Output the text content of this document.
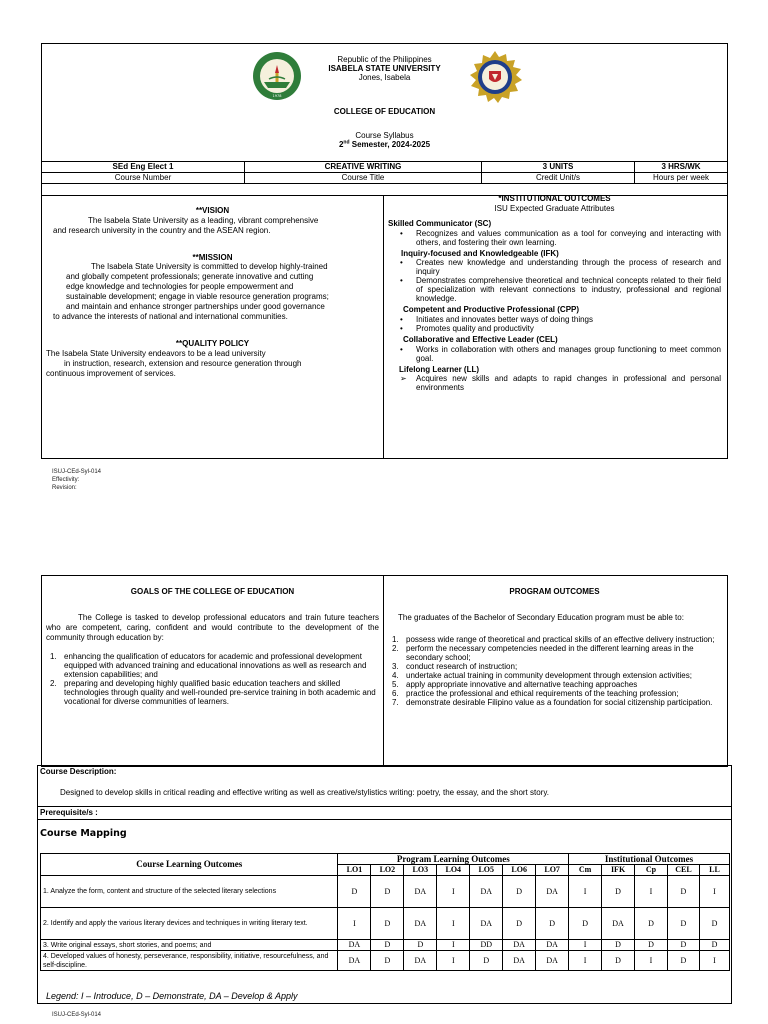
1978
Republic of the Philippines
ISABELA STATE UNIVERSITY
Jones, Isabela
COLLEGE OF EDUCATION
Course Syllabus
2nd Semester, 2024-2025
SEd Eng Elect 1	CREATIVE WRITING	3 UNITS	3 HRS/WK
Course Number	Course Title	Credit Unit/s	Hours per week
**VISION
The Isabela State University as a leading, vibrant comprehensive
and research university in the country and the ASEAN region.
**MISSION
The Isabela State University is committed to develop highly-trained
and globally competent professionals; generate innovative and cutting
edge knowledge and technologies for people empowerment and
sustainable development; engage in viable resource generation programs;
and maintain and enhance stronger partnerships under good governance
to advance the interests of national and international communities.
**QUALITY POLICY
The Isabela State University endeavors to be a lead university
in instruction, research, extension and resource generation through
continuous improvement of services.
*INSTITUTIONAL OUTCOMES
ISU Expected Graduate Attributes
Skilled Communicator (SC)
• Recognizes and values communication as a tool for conveying and interacting with others, and fostering their own learning.
Inquiry-focused and Knowledgeable (IFK)
• Creates new knowledge and understanding through the process of research and inquiry
• Demonstrates comprehensive theoretical and technical concepts related to their field of specialization with relevant connections to industry, professional and regional knowledge.
Competent and Productive Professional (CPP)
• Initiates and innovates better ways of doing things
• Promotes quality and productivity
Collaborative and Effective Leader (CEL)
• Works in collaboration with others and manages group functioning to meet common goal.
Lifelong Learner (LL)
➢ Acquires new skills and adapts to rapid changes in professional and personal environments
ISUJ-CEd-Syl-014
Effectivity:
Revision:
GOALS OF THE COLLEGE OF EDUCATION
The College is tasked to develop professional educators and train future teachers who are competent, caring, confident and would contribute to the development of the community through education by:
1. enhancing the qualification of educators for academic and professional development equipped with advanced training and educational innovations as well as research and extension capabilities; and
2. preparing and developing highly qualified basic education teachers and skilled technologies through quality and well-rounded pre-service training in both academic and vocational for diverse communities of learners.
PROGRAM OUTCOMES
The graduates of the Bachelor of Secondary Education program must be able to:
1. possess wide range of theoretical and practical skills of an effective delivery instruction;
2. perform the necessary competencies needed in the different learning areas in the secondary school;
3. conduct research of instruction;
4. undertake actual training in community development through extension activities;
5. apply appropriate innovative and alternative teaching approaches
6. practice the professional and ethical requirements of the teaching profession;
7. demonstrate desirable Filipino value as a foundation for social citizenship participation.
Course Description:
Designed to develop skills in critical reading and effective writing as well as creative/stylistics writing: poetry, the essay, and the short story.
Prerequisite/s :
Course Mapping
Course Learning Outcomes	Program Learning Outcomes							Institutional Outcomes				
	LO1	LO2	LO3	LO4	LO5	LO6	LO7	Cm	IFK	Cp	CEL	LL
1. Analyze the form, content and structure of the selected literary selections	D	D	DA	I	DA	D	DA	I	D	I	D	I
2. Identify and apply the various literary devices and techniques in writing literary text.	I	D	DA	I	DA	D	D	D	DA	D	D	D
3. Write original essays, short stories, and poems; and	DA	D	D	I	DD	DA	DA	I	D	D	D	D
4. Developed values of honesty, perseverance, responsibility, initiative, resourcefulness, and self-discipline.	DA	D	DA	I	D	DA	DA	I	D	I	D	I
Legend: I – Introduce, D – Demonstrate, DA – Develop & Apply
ISUJ-CEd-Syl-014
